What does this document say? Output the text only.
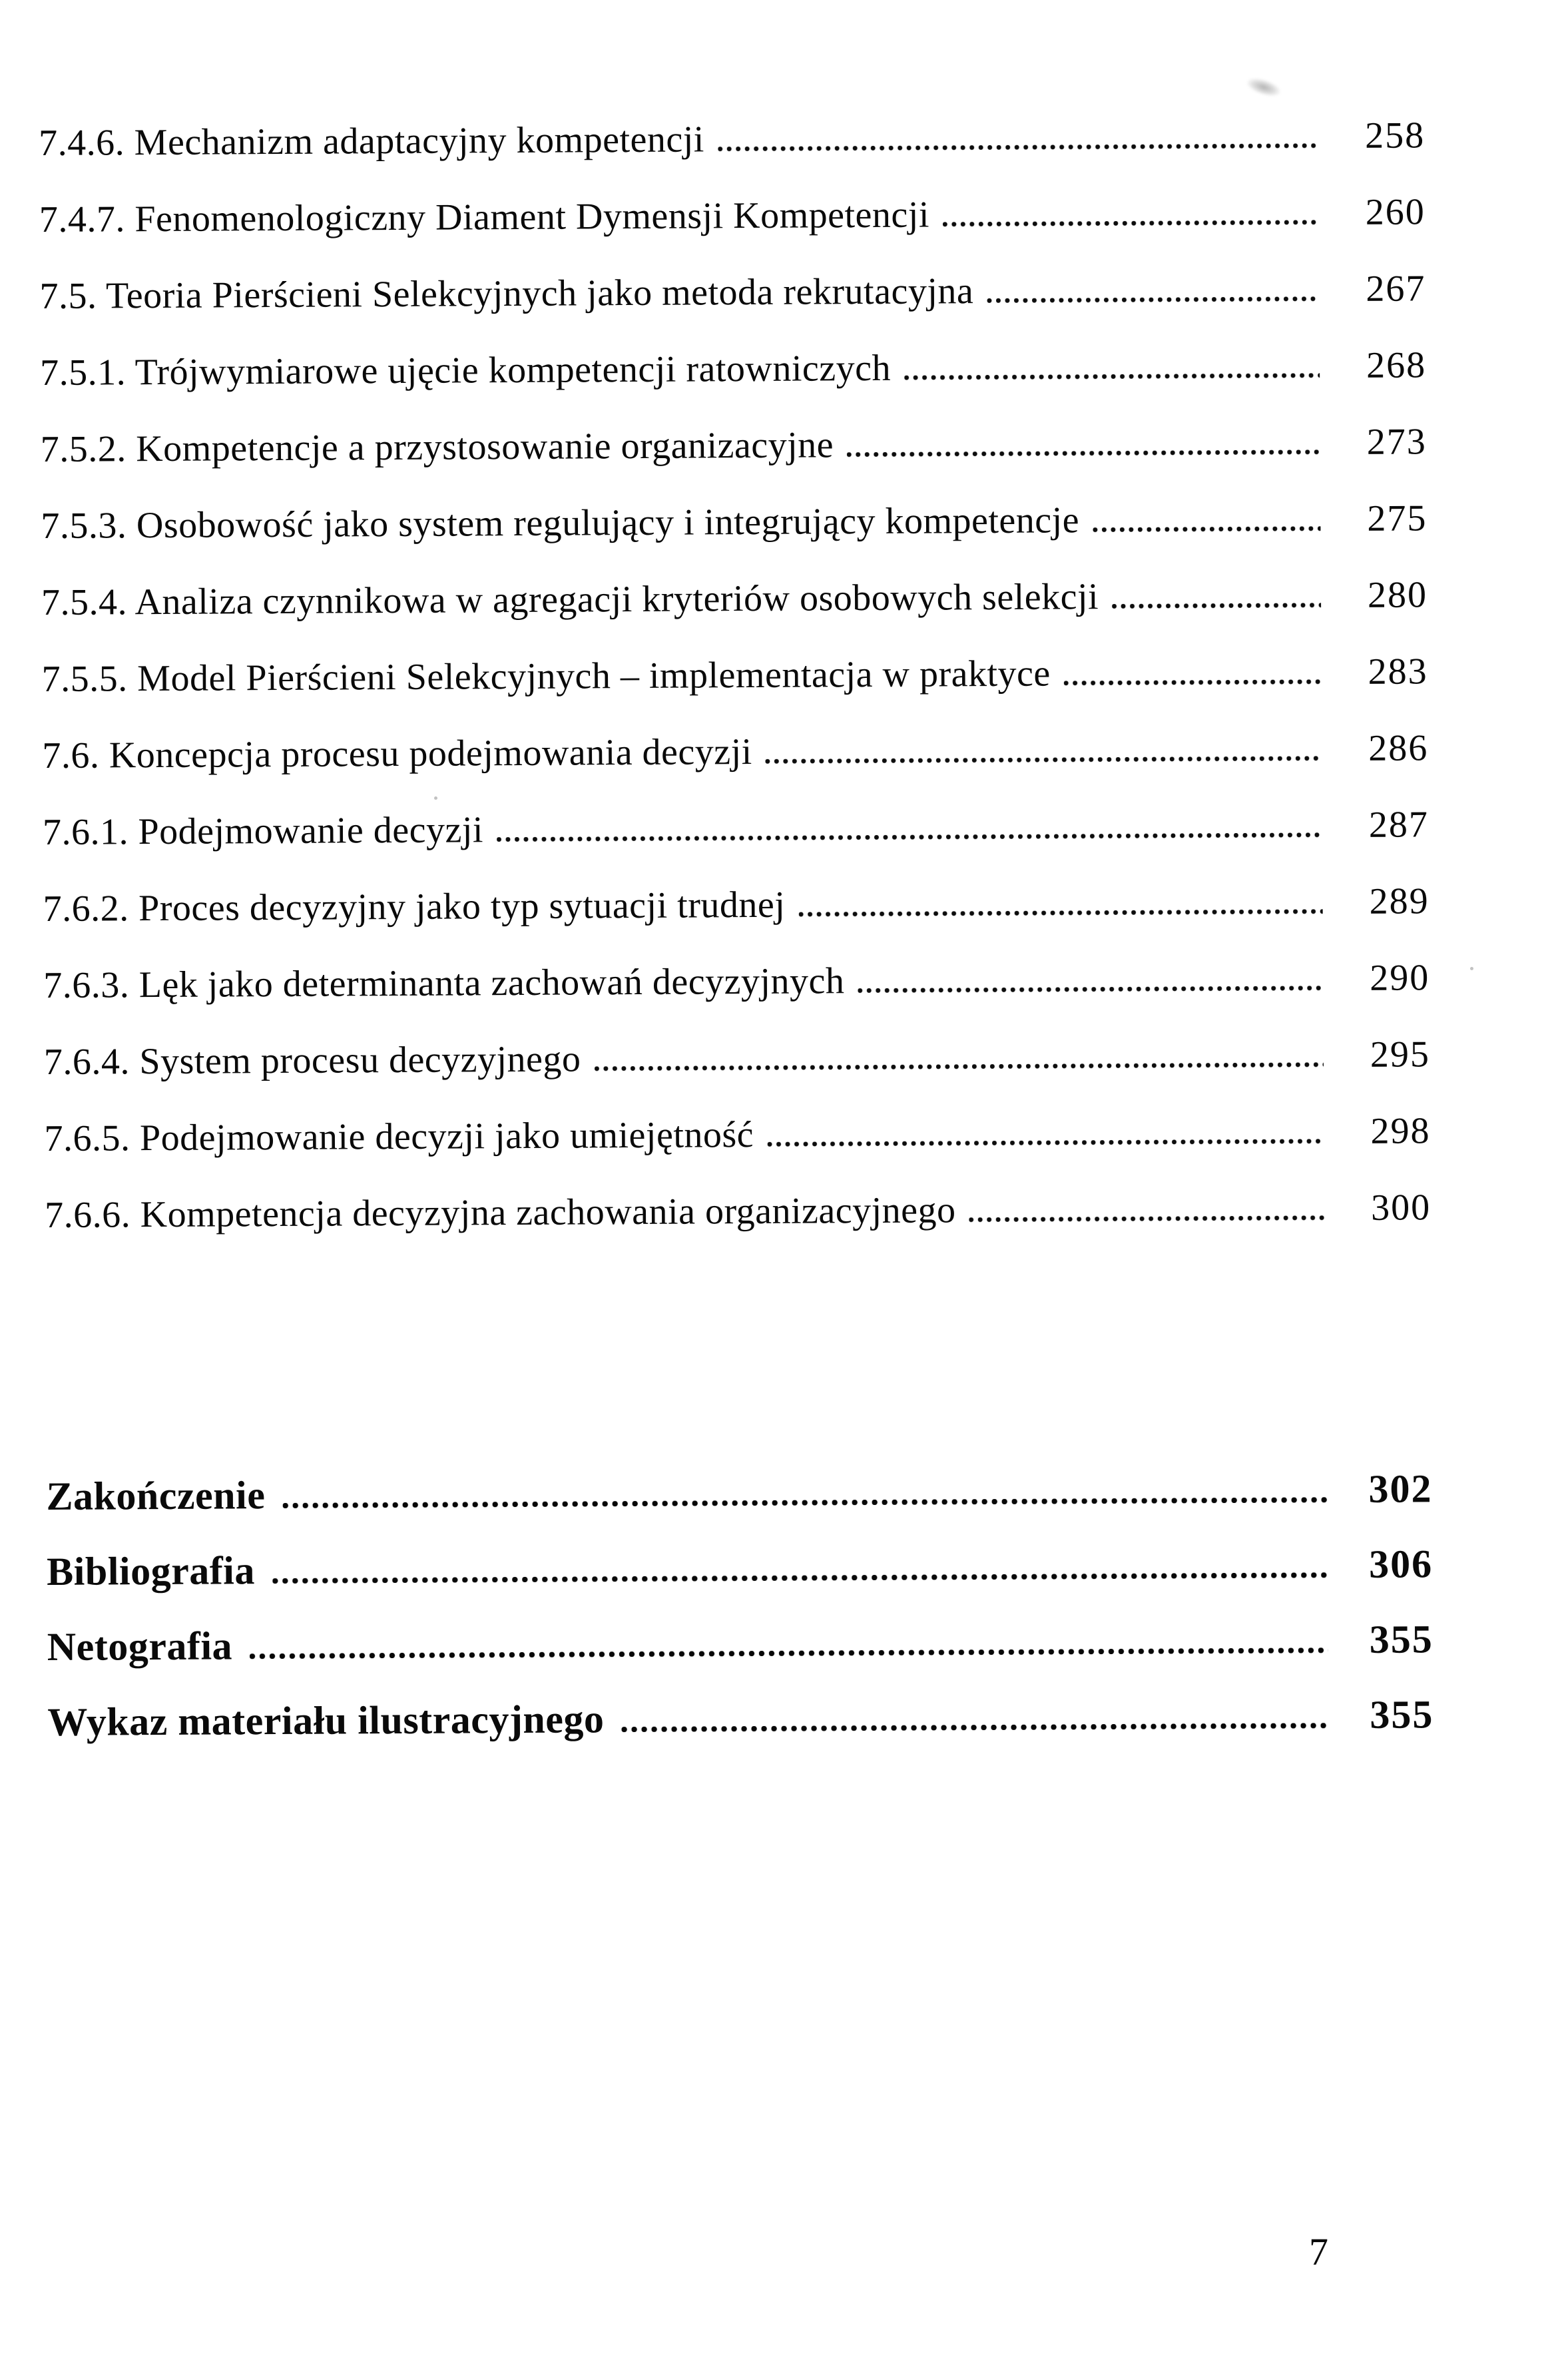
7.4.6. Mechanizm adaptacyjny kompetencji	258
7.4.7. Fenomenologiczny Diament Dymensji Kompetencji	260
7.5. Teoria Pierścieni Selekcyjnych jako metoda rekrutacyjna	267
7.5.1. Trójwymiarowe ujęcie kompetencji ratowniczych	268
7.5.2. Kompetencje a przystosowanie organizacyjne	273
7.5.3. Osobowość jako system regulujący i integrujący kompetencje	275
7.5.4. Analiza czynnikowa w agregacji kryteriów osobowych selekcji	280
7.5.5. Model Pierścieni Selekcyjnych – implementacja w praktyce	283
7.6. Koncepcja procesu podejmowania decyzji	286
7.6.1. Podejmowanie decyzji	287
7.6.2. Proces decyzyjny jako typ sytuacji trudnej	289
7.6.3. Lęk jako determinanta zachowań decyzyjnych	290
7.6.4. System procesu decyzyjnego	295
7.6.5. Podejmowanie decyzji jako umiejętność	298
7.6.6. Kompetencja decyzyjna zachowania organizacyjnego	300
Zakończenie	302
Bibliografia	306
Netografia	355
Wykaz materiału ilustracyjnego	355
7
